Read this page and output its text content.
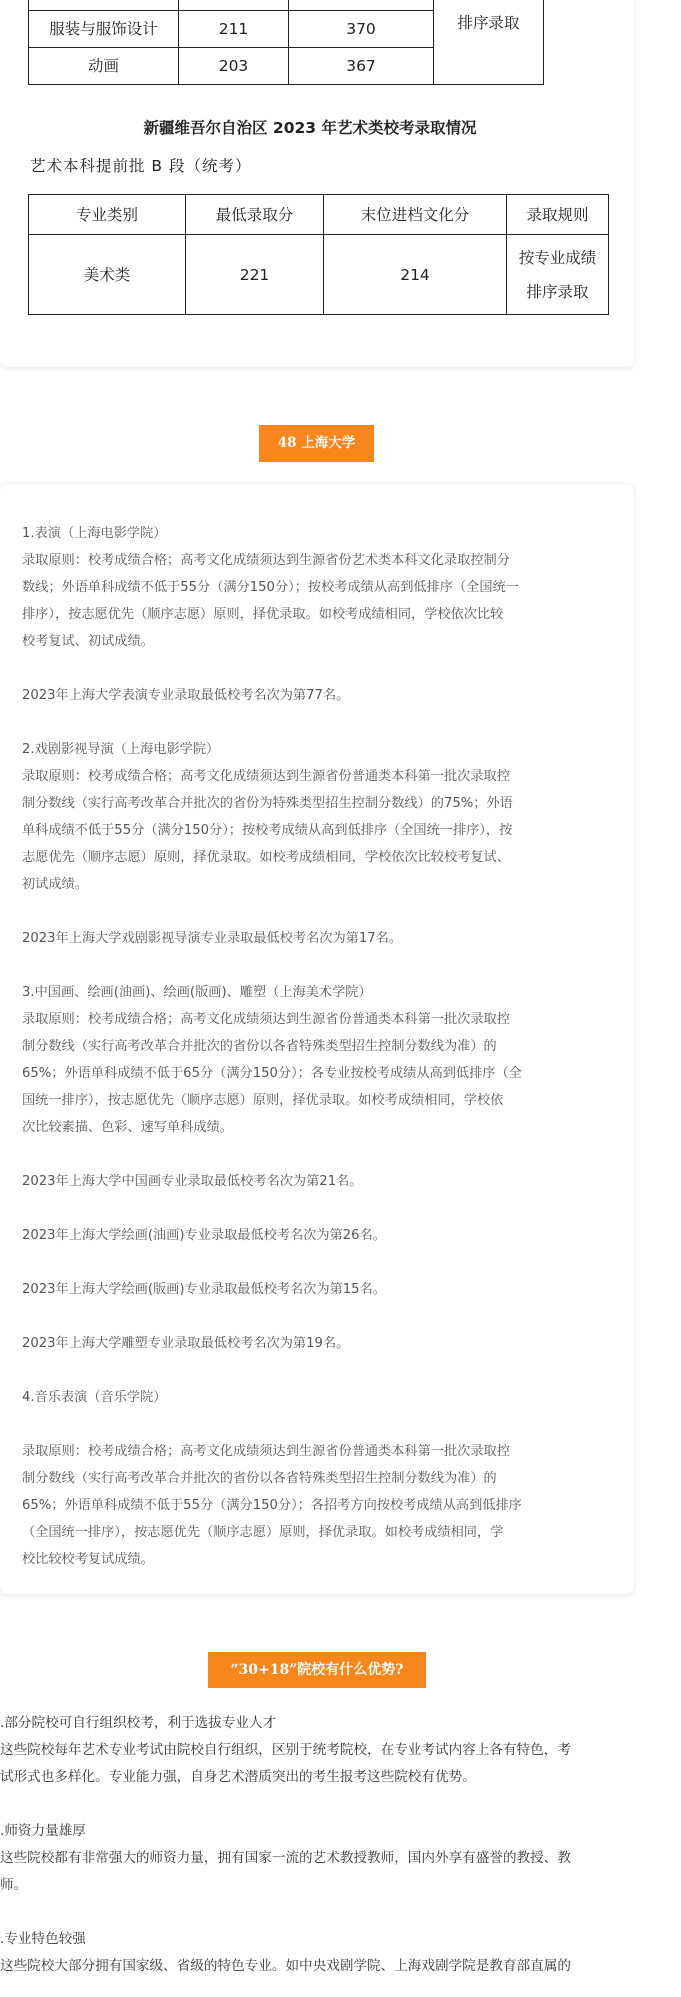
			排序录取

服装与服饰设计	211	370	
动画	203	367	
新疆维吾尔自治区 2023 年艺术类校考录取情况
艺术本科提前批 B 段（统考）
专业类别	最低录取分	末位进档文化分	录取规则
美术类	221	214	按专业成绩
排序录取
48 上海大学

1.表演（上海电影学院）

录取原则：校考成绩合格；高考文化成绩须达到生源省份艺术类本科文化录取控制分

数线；外语单科成绩不低于55分（满分150分）；按校考成绩从高到低排序（全国统一

排序），按志愿优先（顺序志愿）原则，择优录取。如校考成绩相同，学校依次比较

校考复试、初试成绩。

2023年上海大学表演专业录取最低校考名次为第77名。

2.戏剧影视导演（上海电影学院）

录取原则：校考成绩合格；高考文化成绩须达到生源省份普通类本科第一批次录取控

制分数线（实行高考改革合并批次的省份为特殊类型招生控制分数线）的75%；外语

单科成绩不低于55分（满分150分）；按校考成绩从高到低排序（全国统一排序），按

志愿优先（顺序志愿）原则，择优录取。如校考成绩相同，学校依次比较校考复试、

初试成绩。

2023年上海大学戏剧影视导演专业录取最低校考名次为第17名。

3.中国画、绘画(油画)、绘画(版画)、雕塑（上海美术学院）

录取原则：校考成绩合格；高考文化成绩须达到生源省份普通类本科第一批次录取控

制分数线（实行高考改革合并批次的省份以各省特殊类型招生控制分数线为准）的

65%；外语单科成绩不低于65分（满分150分）；各专业按校考成绩从高到低排序（全

国统一排序），按志愿优先（顺序志愿）原则，择优录取。如校考成绩相同，学校依

次比较素描、色彩、速写单科成绩。

2023年上海大学中国画专业录取最低校考名次为第21名。

2023年上海大学绘画(油画)专业录取最低校考名次为第26名。

2023年上海大学绘画(版画)专业录取最低校考名次为第15名。

2023年上海大学雕塑专业录取最低校考名次为第19名。

4.音乐表演（音乐学院）

录取原则：校考成绩合格；高考文化成绩须达到生源省份普通类本科第一批次录取控

制分数线（实行高考改革合并批次的省份以各省特殊类型招生控制分数线为准）的

65%；外语单科成绩不低于55分（满分150分）；各招考方向按校考成绩从高到低排序

（全国统一排序），按志愿优先（顺序志愿）原则，择优录取。如校考成绩相同，学

校比较校考复试成绩。

“30+18”院校有什么优势?

.部分院校可自行组织校考，利于选拔专业人才

这些院校每年艺术专业考试由院校自行组织，区别于统考院校，在专业考试内容上各有特色，考

试形式也多样化。专业能力强，自身艺术潜质突出的考生报考这些院校有优势。

.师资力量雄厚

这些院校都有非常强大的师资力量，拥有国家一流的艺术教授教师，国内外享有盛誉的教授、教

师。

.专业特色较强

这些院校大部分拥有国家级、省级的特色专业。如中央戏剧学院、上海戏剧学院是教育部直属的
